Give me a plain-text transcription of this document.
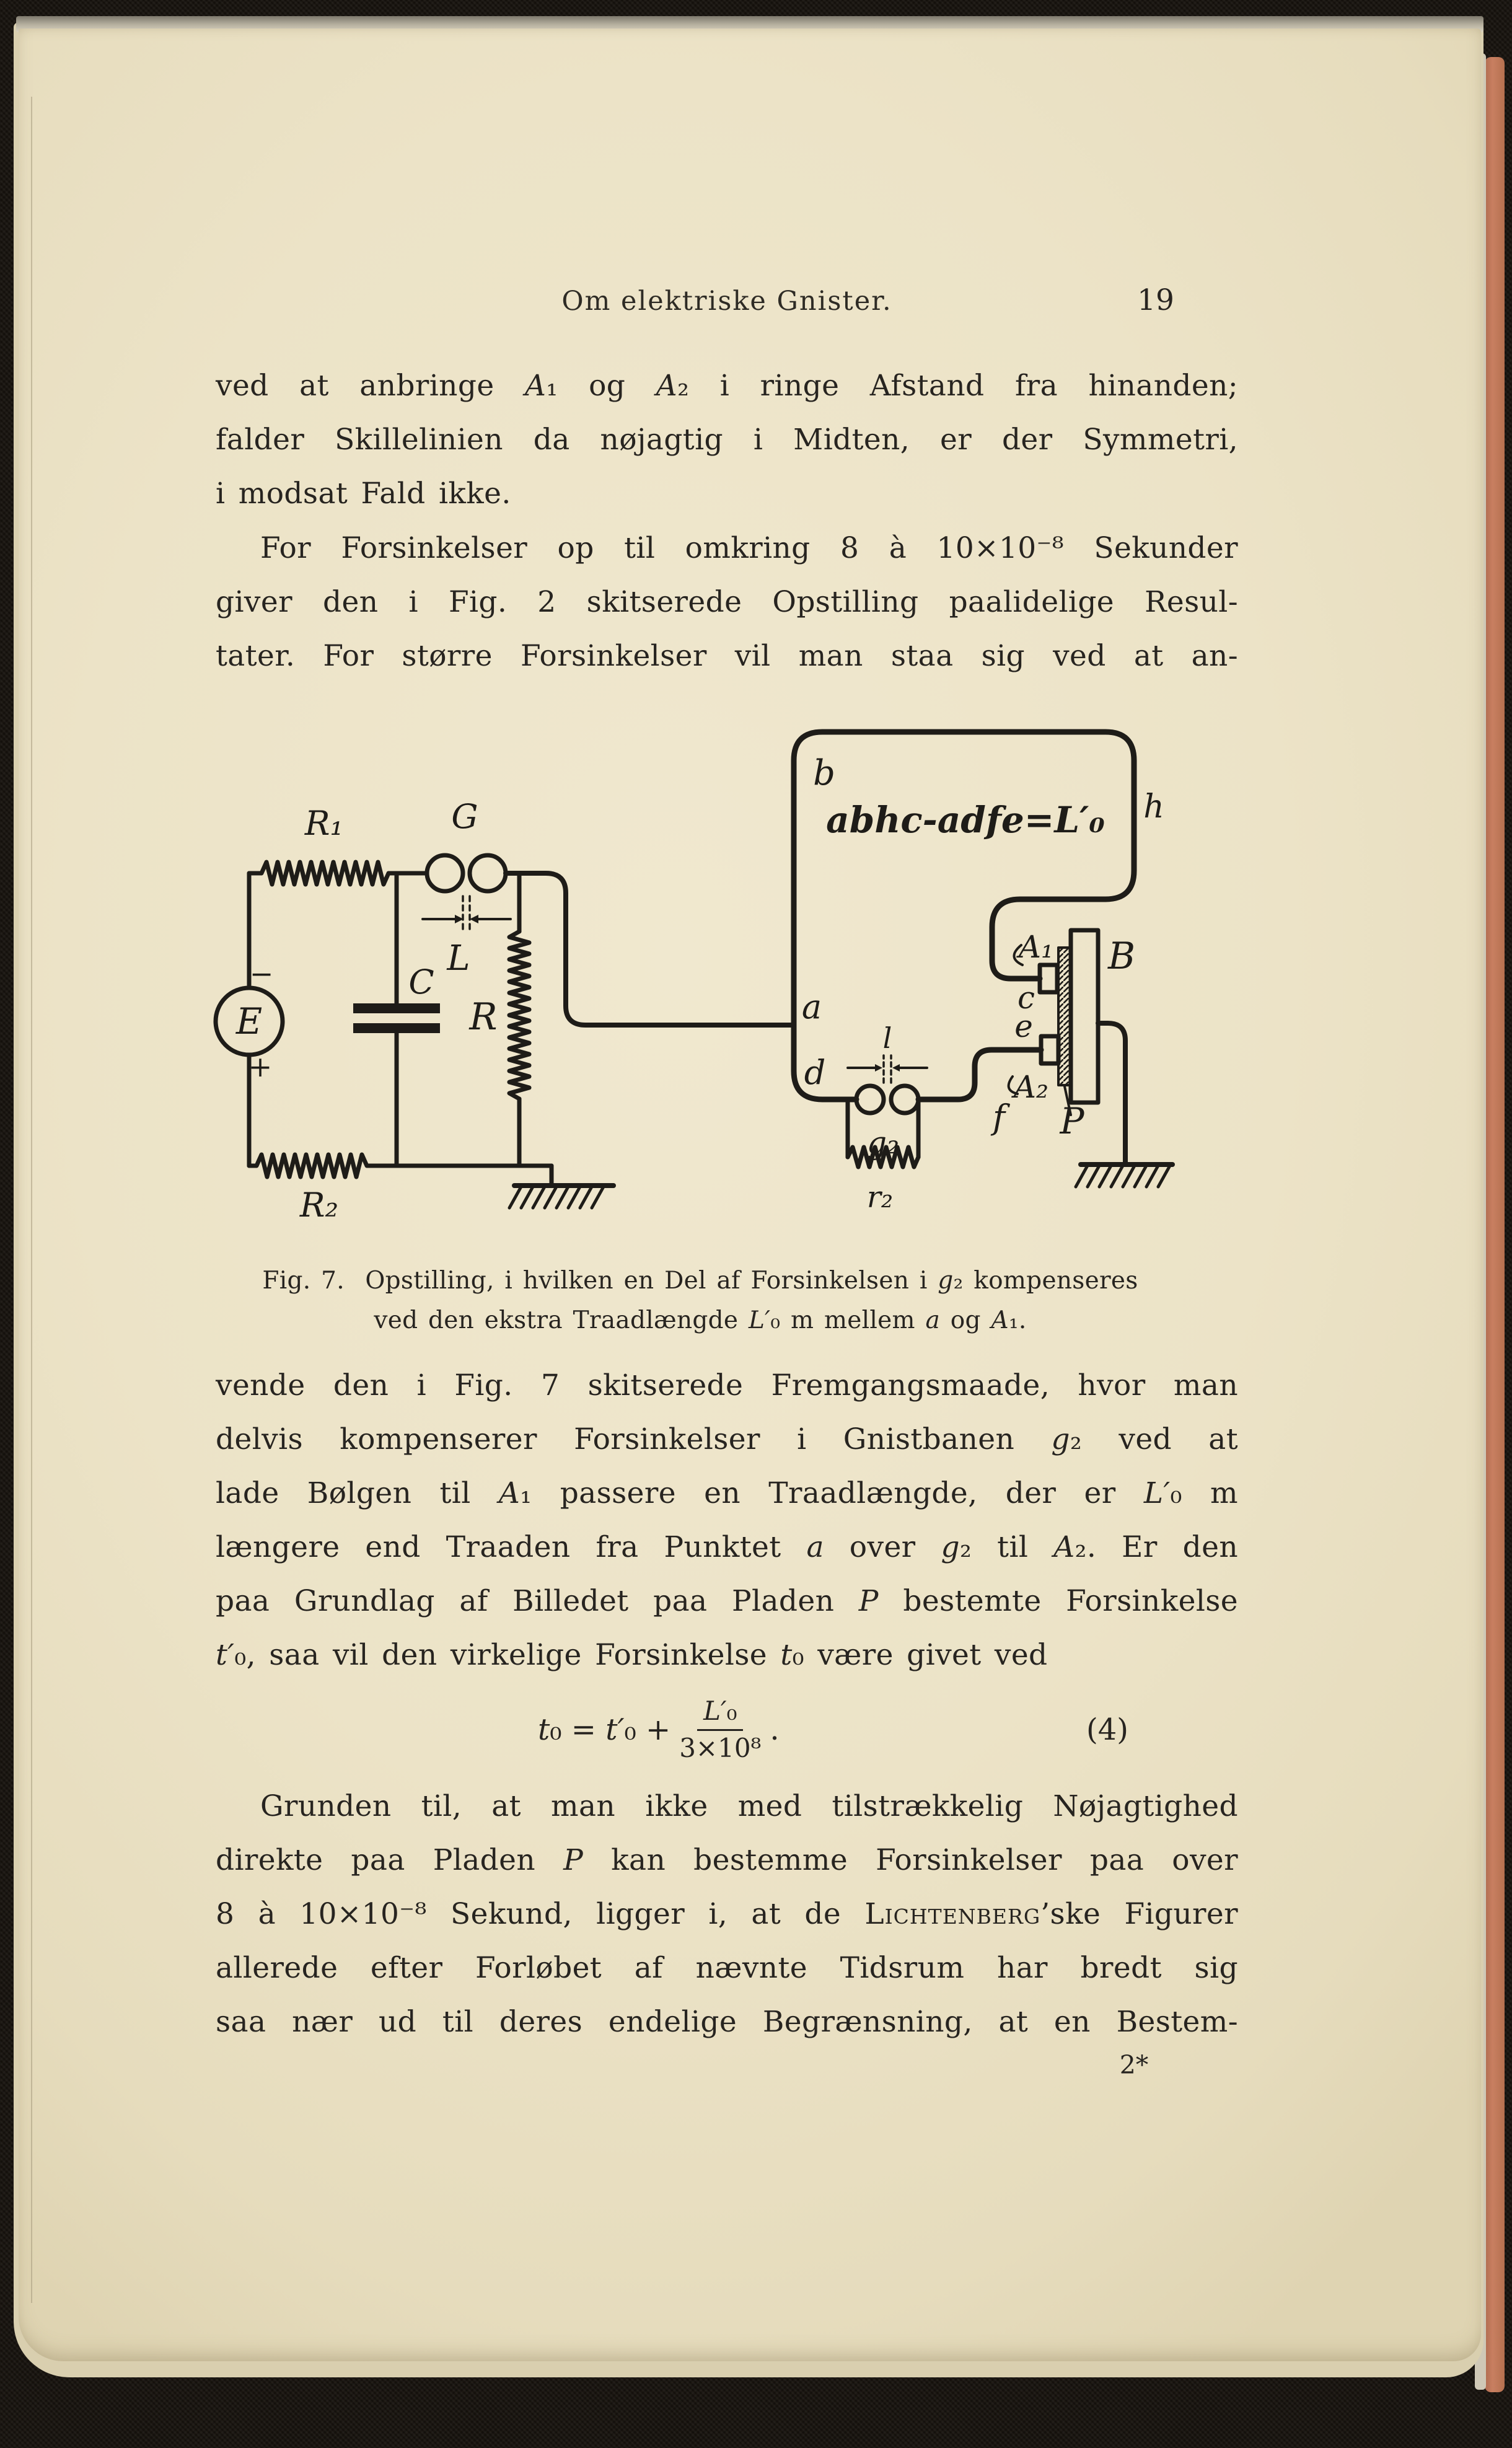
Om elektriske Gnister.	19
ved at anbringe A₁ og A₂ i ringe Afstand fra hinanden;
falder Skillelinien da nøjagtig i Midten, er der Symmetri,
i modsat Fald ikke.
For Forsinkelser op til omkring 8 à 10×10⁻⁸ Sekunder
giver den i Fig. 2 skitserede Opstilling paalidelige Resul-
tater. For større Forsinkelser vil man staa sig ved at an-
R₁	G
L
C
E
−
+
R
R₂
b
h
a
d
f
c
e
B
P
A₁
A₂
g₂
r₂
l
abhc-adfe=L′₀
Fig. 7.  Opstilling, i hvilken en Del af Forsinkelsen i g₂ kompenseres
ved den ekstra Traadlængde L′₀ m mellem a og A₁.
vende den i Fig. 7 skitserede Fremgangsmaade, hvor man
delvis kompenserer Forsinkelser i Gnistbanen g₂ ved at
lade Bølgen til A₁ passere en Traadlængde, der er L′₀ m
længere end Traaden fra Punktet a over g₂ til A₂. Er den
paa Grundlag af Billedet paa Pladen P bestemte Forsinkelse
t′₀, saa vil den virkelige Forsinkelse t₀ være givet ved
$t_0 = t'_0 + \frac{\text{L′₀}}{\text{3×10⁸}}$ .	(4)
Grunden til, at man ikke med tilstrækkelig Nøjagtighed
direkte paa Pladen P kan bestemme Forsinkelser paa over
8 à 10×10⁻⁸ Sekund, ligger i, at de Lichtenberg’ske Figurer
allerede efter Forløbet af nævnte Tidsrum har bredt sig
saa nær ud til deres endelige Begrænsning, at en Bestem-
2*
